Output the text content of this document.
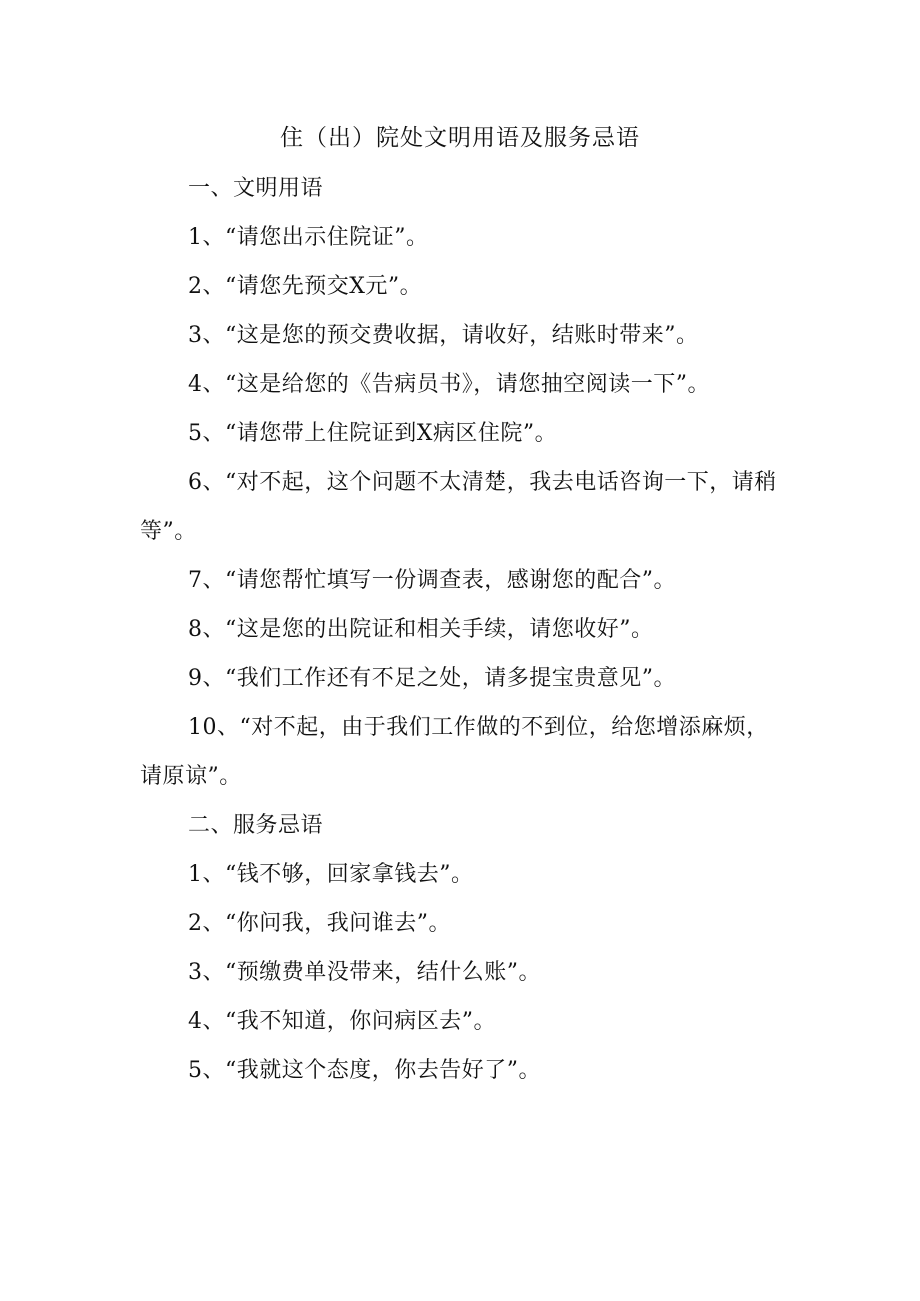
住（出）院处文明用语及服务忌语

一、文明用语

1、“请您出示住院证”。

2、“请您先预交X元”。

3、“这是您的预交费收据，请收好，结账时带来”。

4、“这是给您的《告病员书》，请您抽空阅读一下”。

5、“请您带上住院证到X病区住院”。

6、“对不起，这个问题不太清楚，我去电话咨询一下，请稍等”。

7、“请您帮忙填写一份调查表，感谢您的配合”。

8、“这是您的出院证和相关手续，请您收好”。

9、“我们工作还有不足之处，请多提宝贵意见”。

10、“对不起，由于我们工作做的不到位，给您增添麻烦，请原谅”。

二、服务忌语

1、“钱不够，回家拿钱去”。

2、“你问我，我问谁去”。

3、“预缴费单没带来，结什么账”。

4、“我不知道，你问病区去”。

5、“我就这个态度，你去告好了”。
